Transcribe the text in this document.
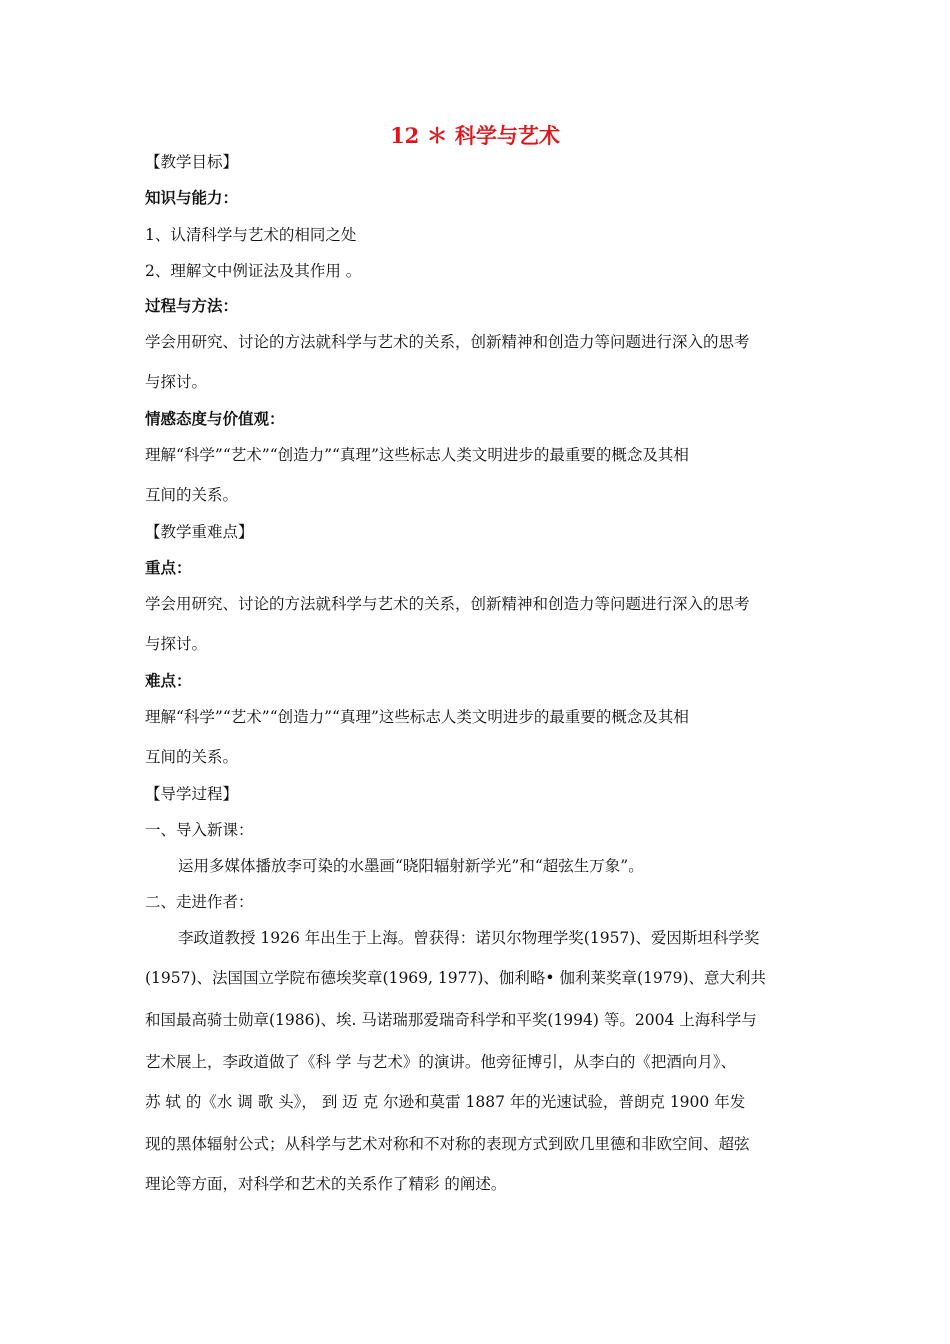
12 ＊ 科学与艺术
【教学目标】
知识与能力：
1、认清科学与艺术的相同之处
2、理解文中例证法及其作用 。
过程与方法：
学会用研究、讨论的方法就科学与艺术的关系，创新精神和创造力等问题进行深入的思考
与探讨。
情感态度与价值观：
理解“科学”“艺术”“创造力”“真理”这些标志人类文明进步的最重要的概念及其相
互间的关系。
【教学重难点】
重点：
学会用研究、讨论的方法就科学与艺术的关系，创新精神和创造力等问题进行深入的思考
与探讨。
难点：
理解“科学”“艺术”“创造力”“真理”这些标志人类文明进步的最重要的概念及其相
互间的关系。
【导学过程】
一、导入新课：
运用多媒体播放李可染的水墨画“晓阳辐射新学光”和“超弦生万象”。
二、走进作者：
李政道教授 1926 年出生于上海。曾获得：诺贝尔物理学奖(1957)、爱因斯坦科学奖
(1957)、法国国立学院布德埃奖章(1969, 1977)、伽利略• 伽利莱奖章(1979)、意大利共
和国最高骑士勋章(1986)、埃. 马诺瑞那爱瑞奇科学和平奖(1994) 等。2004 上海科学与
艺术展上，李政道做了《科 学 与艺术》的演讲。他旁征博引，从李白的《把酒向月》、
苏 轼 的《水 调 歌 头》， 到 迈 克 尔逊和莫雷 1887 年的光速试验，普朗克 1900 年发
现的黑体辐射公式；从科学与艺术对称和不对称的表现方式到欧几里德和非欧空间、超弦
理论等方面，对科学和艺术的关系作了精彩 的阐述。
